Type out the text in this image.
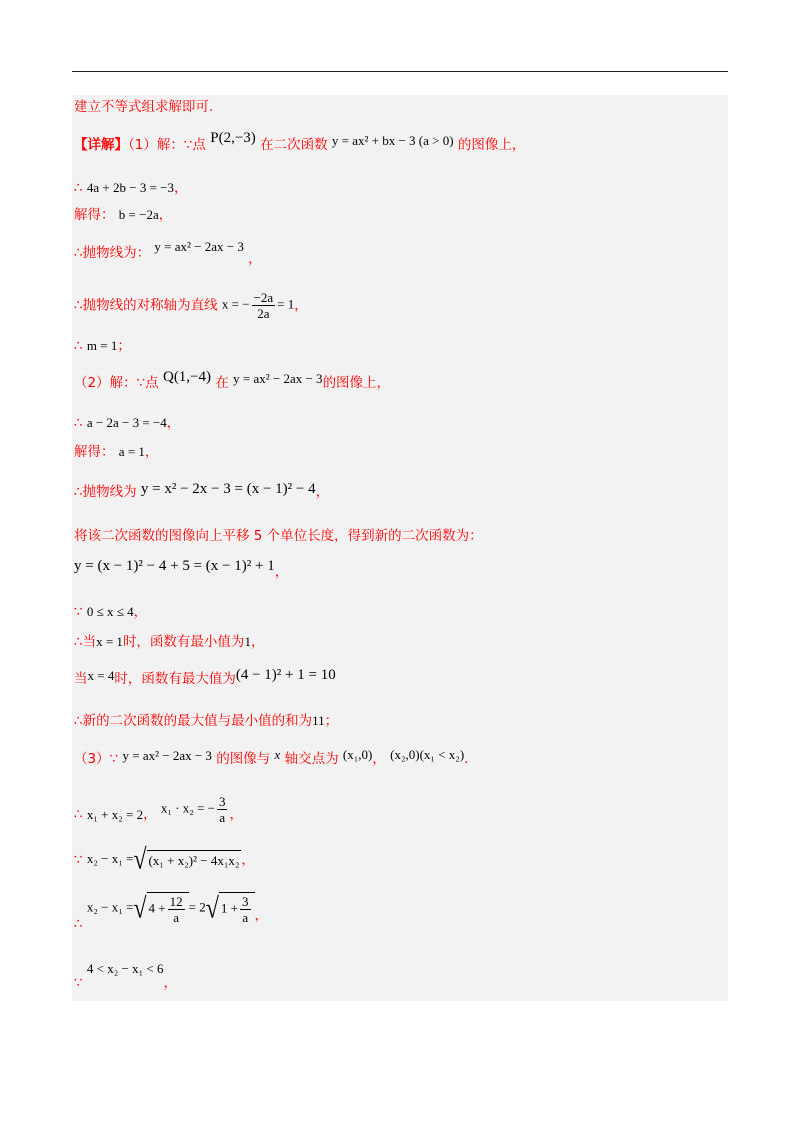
建立不等式组求解即可.
【详解】（1）解：∵点 P(2,−3) 在二次函数 y = ax² + bx − 3 (a > 0) 的图像上，
∴ 4a + 2b − 3 = −3，
解得： b = −2a，
∴抛物线为： y = ax² − 2ax − 3 ，
∴抛物线的对称轴为直线 x = − $\frac{-2a}{2a} = 1$，
∴ m = 1；
（2）解：∵点 Q(1,−4) 在 y = ax² − 2ax − 3的图像上，
∴ a − 2a − 3 = −4，
解得： a = 1，
∴抛物线为 y = x² − 2x − 3 = (x − 1)² − 4，
将该二次函数的图像向上平移 5 个单位长度，得到新的二次函数为：
y = (x − 1)² − 4 + 5 = (x − 1)² + 1，
∵ 0 ≤ x ≤ 4，
∴当x = 1时，函数有最小值为1，
当x = 4时，函数有最大值为(4 − 1)² + 1 = 10
∴新的二次函数的最大值与最小值的和为11；
（3）∵ y = ax² − 2ax − 3 的图像与 x 轴交点为 (x₁,0)， (x₂,0)(x₁ < x₂).
∴ x₁ + x₂ = 2， x₁ · x₂ = − $\frac{3}{a}$ ，
∵ x₂ − x₁ =√ (x₁ + x₂)² − 4x₁x₂ ，
∴ x₂ − x₁ =√ $4 + \frac{12}{a} = 2√$ $1 + \frac{3}{a}$ ，
∵ 4 < x₂ − x₁ < 6，
